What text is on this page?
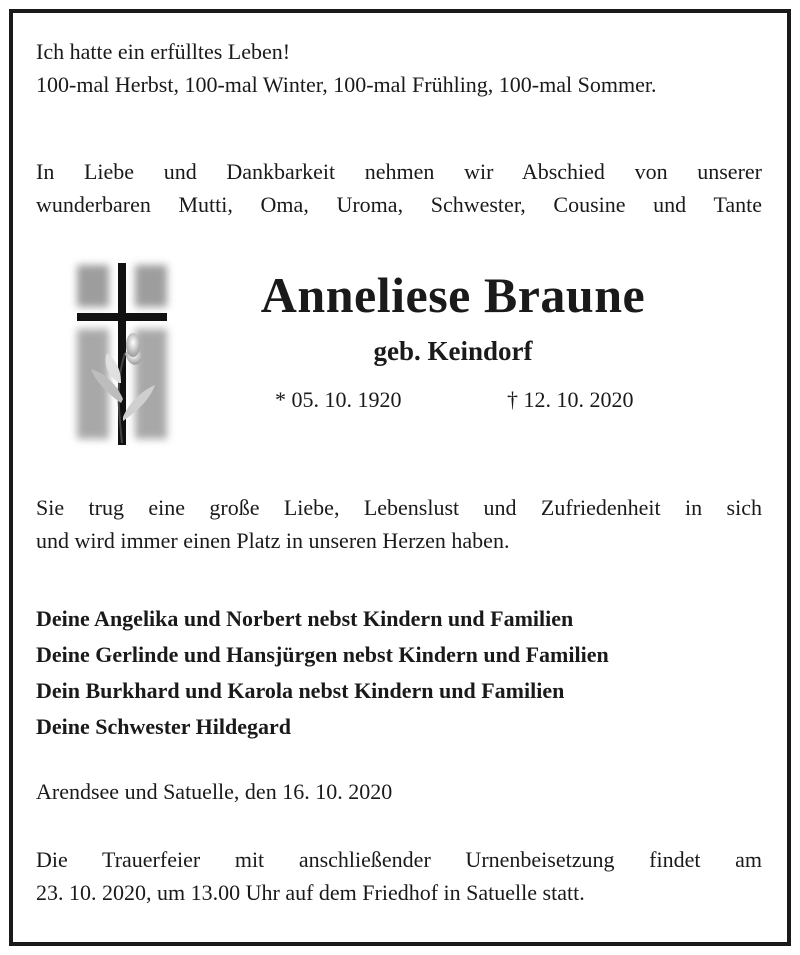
Ich hatte ein erfülltes Leben!
100-mal Herbst, 100-mal Winter, 100-mal Frühling, 100-mal Sommer.

In Liebe und Dankbarkeit nehmen wir Abschied von unserer
wunderbaren Mutti, Oma, Uroma, Schwester, Cousine und Tante

Anneliese Braune
geb. Keindorf
* 05. 10. 1920	† 12. 10. 2020

Sie trug eine große Liebe, Lebenslust und Zufriedenheit in sich
und wird immer einen Platz in unseren Herzen haben.

Deine Angelika und Norbert nebst Kindern und Familien
Deine Gerlinde und Hansjürgen nebst Kindern und Familien
Dein Burkhard und Karola nebst Kindern und Familien
Deine Schwester Hildegard

Arendsee und Satuelle, den 16. 10. 2020

Die Trauerfeier mit anschließender Urnenbeisetzung findet am
23. 10. 2020, um 13.00 Uhr auf dem Friedhof in Satuelle statt.
